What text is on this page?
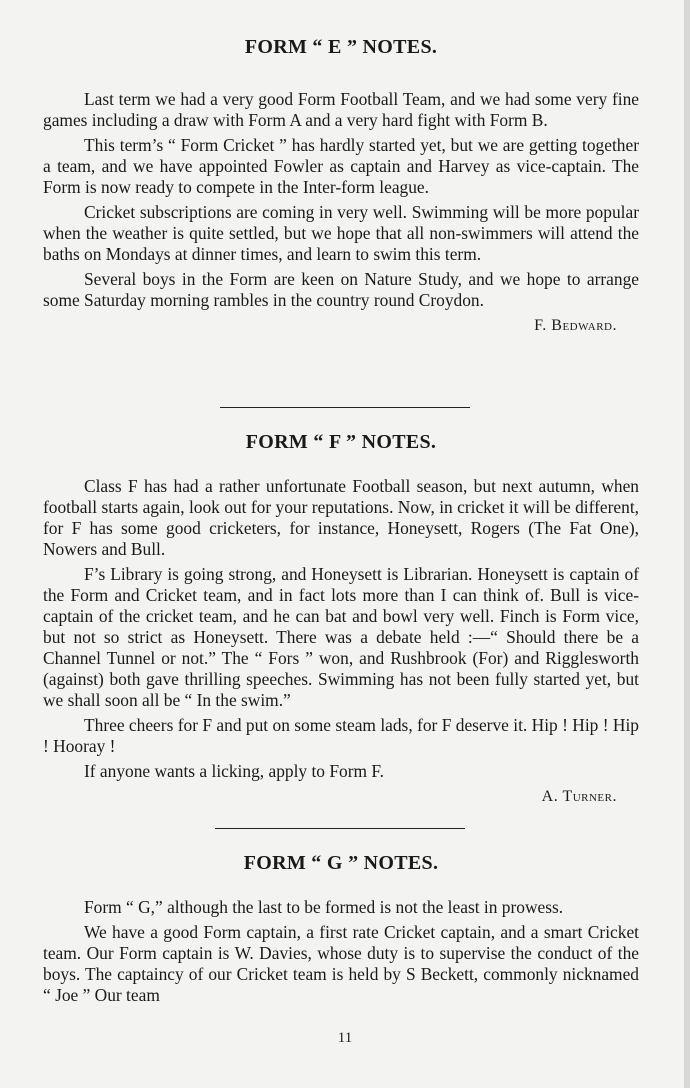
FORM “ E ” NOTES.

Last term we had a very good Form Football Team, and we had some very fine games including a draw with Form A and a very hard fight with Form B.

This term’s “ Form Cricket ” has hardly started yet, but we are getting together a team, and we have appointed Fowler as captain and Harvey as vice-captain. The Form is now ready to compete in the Inter-form league.

Cricket subscriptions are coming in very well. Swimming will be more popular when the weather is quite settled, but we hope that all non-swimmers will attend the baths on Mondays at dinner times, and learn to swim this term.

Several boys in the Form are keen on Nature Study, and we hope to arrange some Saturday morning rambles in the country round Croydon.

F. Bedward.

FORM “ F ” NOTES.

Class F has had a rather unfortunate Football season, but next autumn, when football starts again, look out for your reputations. Now, in cricket it will be different, for F has some good cricketers, for instance, Honeysett, Rogers (The Fat One), Nowers and Bull.

F’s Library is going strong, and Honeysett is Librarian. Honeysett is captain of the Form and Cricket team, and in fact lots more than I can think of. Bull is vice-captain of the cricket team, and he can bat and bowl very well. Finch is Form vice, but not so strict as Honeysett. There was a debate held :—“ Should there be a Channel Tunnel or not.” The “ Fors ” won, and Rushbrook (For) and Rigglesworth (against) both gave thrilling speeches. Swimming has not been fully started yet, but we shall soon all be “ In the swim.”

Three cheers for F and put on some steam lads, for F deserve it. Hip ! Hip ! Hip ! Hooray !

If anyone wants a licking, apply to Form F.

A. Turner.

FORM “ G ” NOTES.

Form “ G,” although the last to be formed is not the least in prowess.

We have a good Form captain, a first rate Cricket captain, and a smart Cricket team. Our Form captain is W. Davies, whose duty is to supervise the conduct of the boys. The captaincy of our Cricket team is held by S Beckett, commonly nicknamed “ Joe ” Our team

11
